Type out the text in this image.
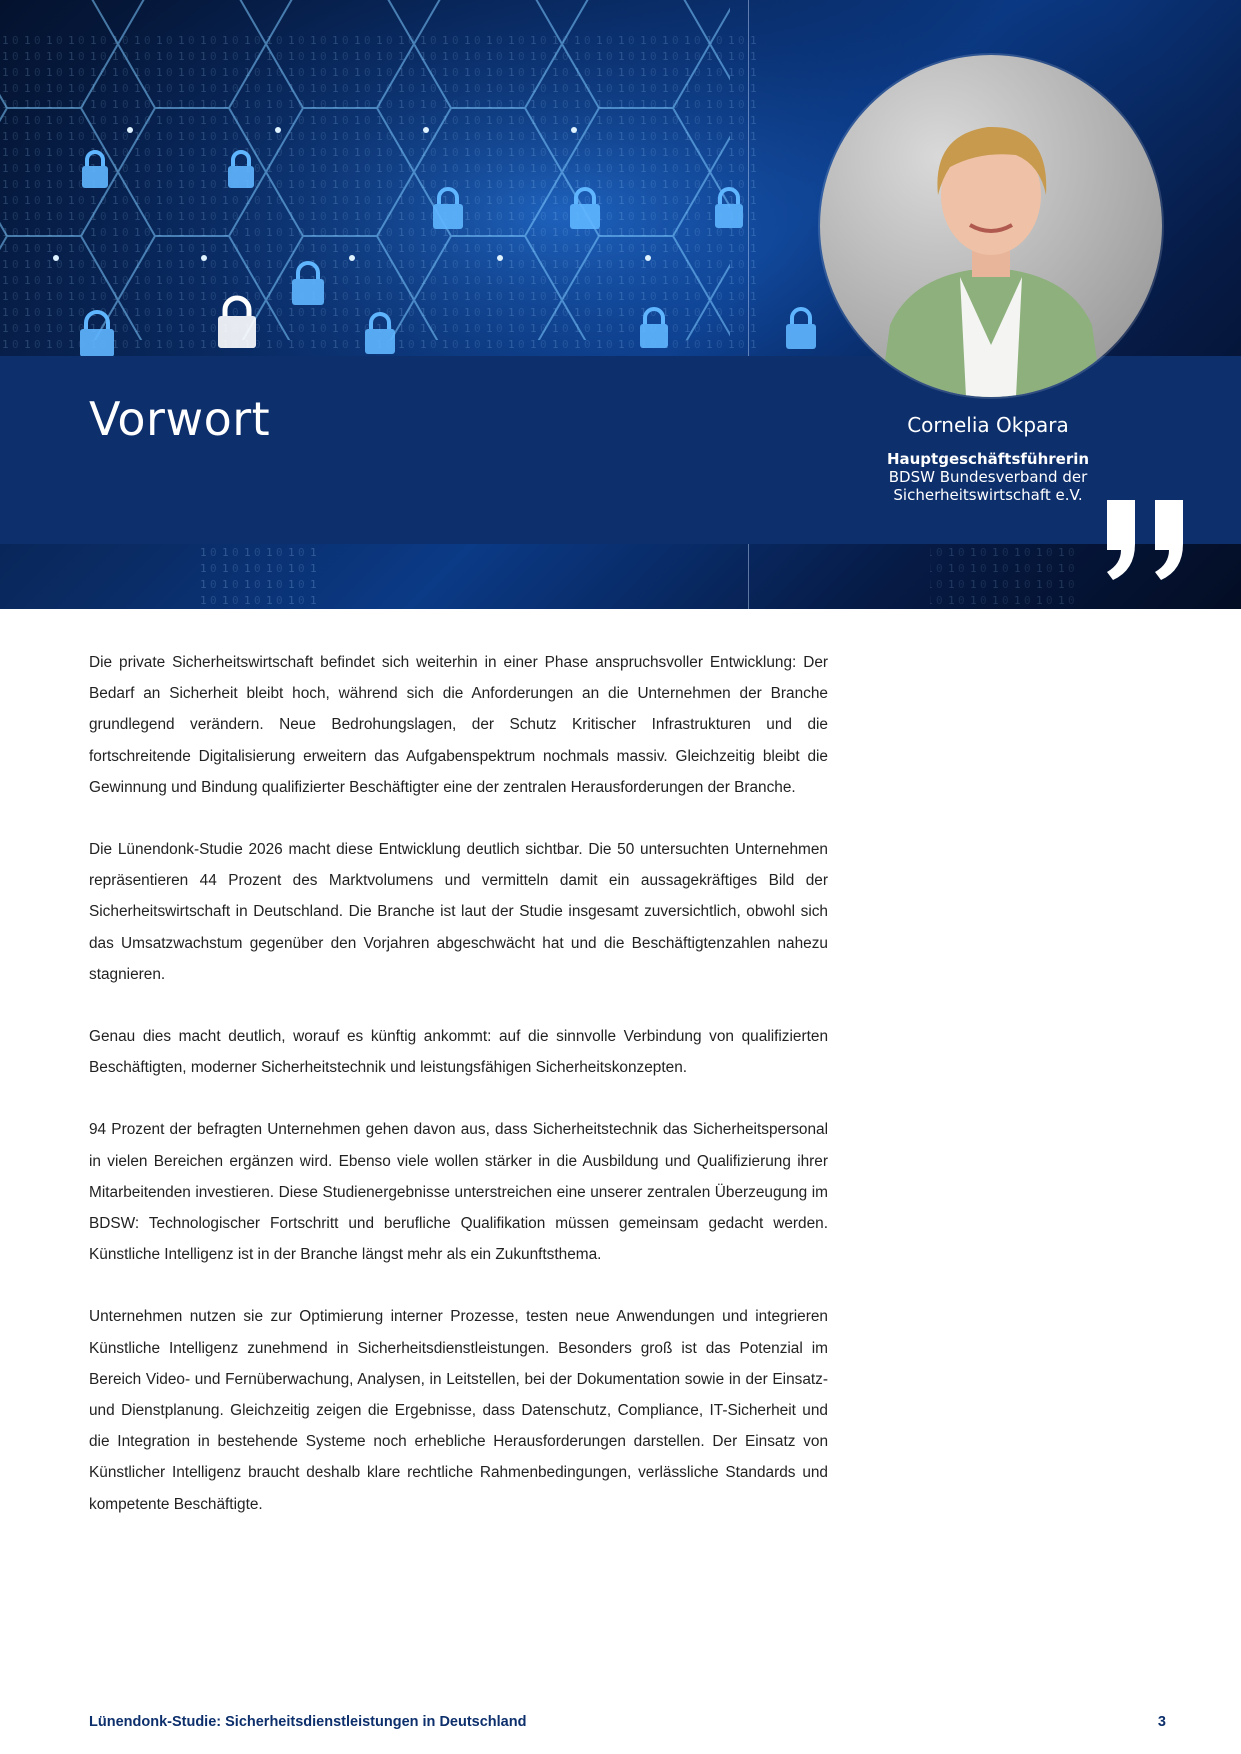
Vorwort	Cornelia Okpara
Hauptgeschäftsführerin
BDSW Bundesverband der
Sicherheitswirtschaft e.V.

Die private Sicherheitswirtschaft befindet sich weiterhin in einer Phase anspruchsvoller Entwicklung: Der Bedarf an Sicherheit bleibt hoch, während sich die Anforderungen an die Unternehmen der Branche grundlegend verändern. Neue Bedrohungslagen, der Schutz Kritischer Infrastrukturen und die fortschreitende Digitalisierung erweitern das Aufgabenspektrum nochmals massiv. Gleichzeitig bleibt die Gewinnung und Bindung qualifizierter Beschäftigter eine der zentralen Herausforderungen der Branche.

Die Lünendonk-Studie 2026 macht diese Entwicklung deutlich sichtbar. Die 50 untersuchten Unternehmen repräsentieren 44 Prozent des Marktvolumens und vermitteln damit ein aussagekräftiges Bild der Sicherheitswirtschaft in Deutschland. Die Branche ist laut der Studie insgesamt zuversichtlich, obwohl sich das Umsatzwachstum gegenüber den Vorjahren abgeschwächt hat und die Beschäftigtenzahlen nahezu stagnieren.

Genau dies macht deutlich, worauf es künftig ankommt: auf die sinnvolle Verbindung von qualifizierten Beschäftigten, moderner Sicherheitstechnik und leistungsfähigen Sicherheitskonzepten.

94 Prozent der befragten Unternehmen gehen davon aus, dass Sicherheitstechnik das Sicherheitspersonal in vielen Bereichen ergänzen wird. Ebenso viele wollen stärker in die Ausbildung und Qualifizierung ihrer Mitarbeitenden investieren. Diese Studienergebnisse unterstreichen eine unserer zentralen Überzeugung im BDSW: Technologischer Fortschritt und berufliche Qualifikation müssen gemeinsam gedacht werden. Künstliche Intelligenz ist in der Branche längst mehr als ein Zukunftsthema.

Unternehmen nutzen sie zur Optimierung interner Prozesse, testen neue Anwendungen und integrieren Künstliche Intelligenz zunehmend in Sicherheitsdienstleistungen. Besonders groß ist das Potenzial im Bereich Video- und Fernüberwachung, Analysen, in Leitstellen, bei der Dokumentation sowie in der Einsatz- und Dienstplanung. Gleichzeitig zeigen die Ergebnisse, dass Datenschutz, Compliance, IT-Sicherheit und die Integration in bestehende Systeme noch erhebliche Herausforderungen darstellen. Der Einsatz von Künstlicher Intelligenz braucht deshalb klare rechtliche Rahmenbedingungen, verlässliche Standards und kompetente Beschäftigte.

Lünendonk-Studie: Sicherheitsdienstleistungen in Deutschland	3
